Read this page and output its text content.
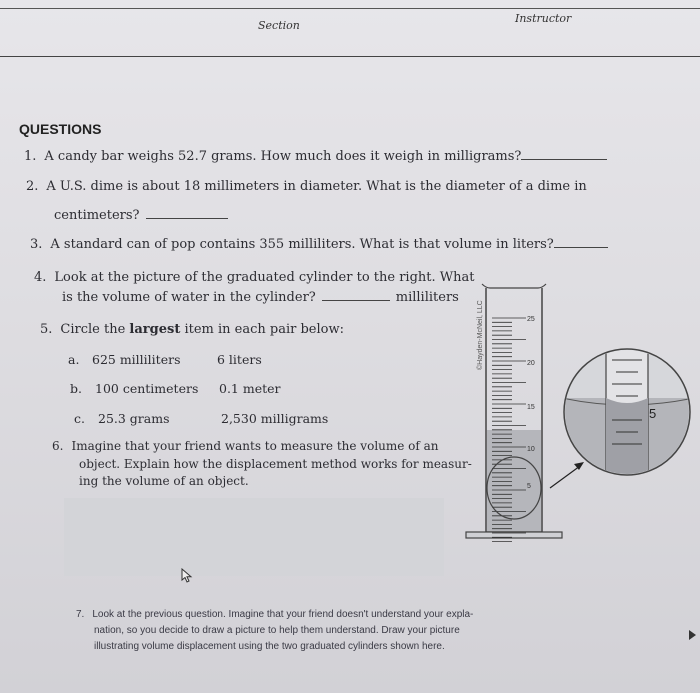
Section
Instructor
QUESTIONS
1. A candy bar weighs 52.7 grams. How much does it weigh in milligrams?
2. A U.S. dime is about 18 millimeters in diameter. What is the diameter of a dime in
centimeters?
3. A standard can of pop contains 355 milliliters. What is that volume in liters?
4. Look at the picture of the graduated cylinder to the right. What
is the volume of water in the cylinder?	milliliters
5. Circle the largest item in each pair below:
a. 625 milliliters	6 liters
b. 100 centimeters 0.1 meter
c. 25.3 grams	2,530 milligrams
6. Imagine that your friend wants to measure the volume of an
object. Explain how the displacement method works for measur-
ing the volume of an object.
7. Look at the previous question. Imagine that your friend doesn't understand your expla-
nation, so you decide to draw a picture to help them understand. Draw your picture
illustrating volume displacement using the two graduated cylinders shown here.
©Hayden-McNeil, LLC	25
20
15
10
5
5
